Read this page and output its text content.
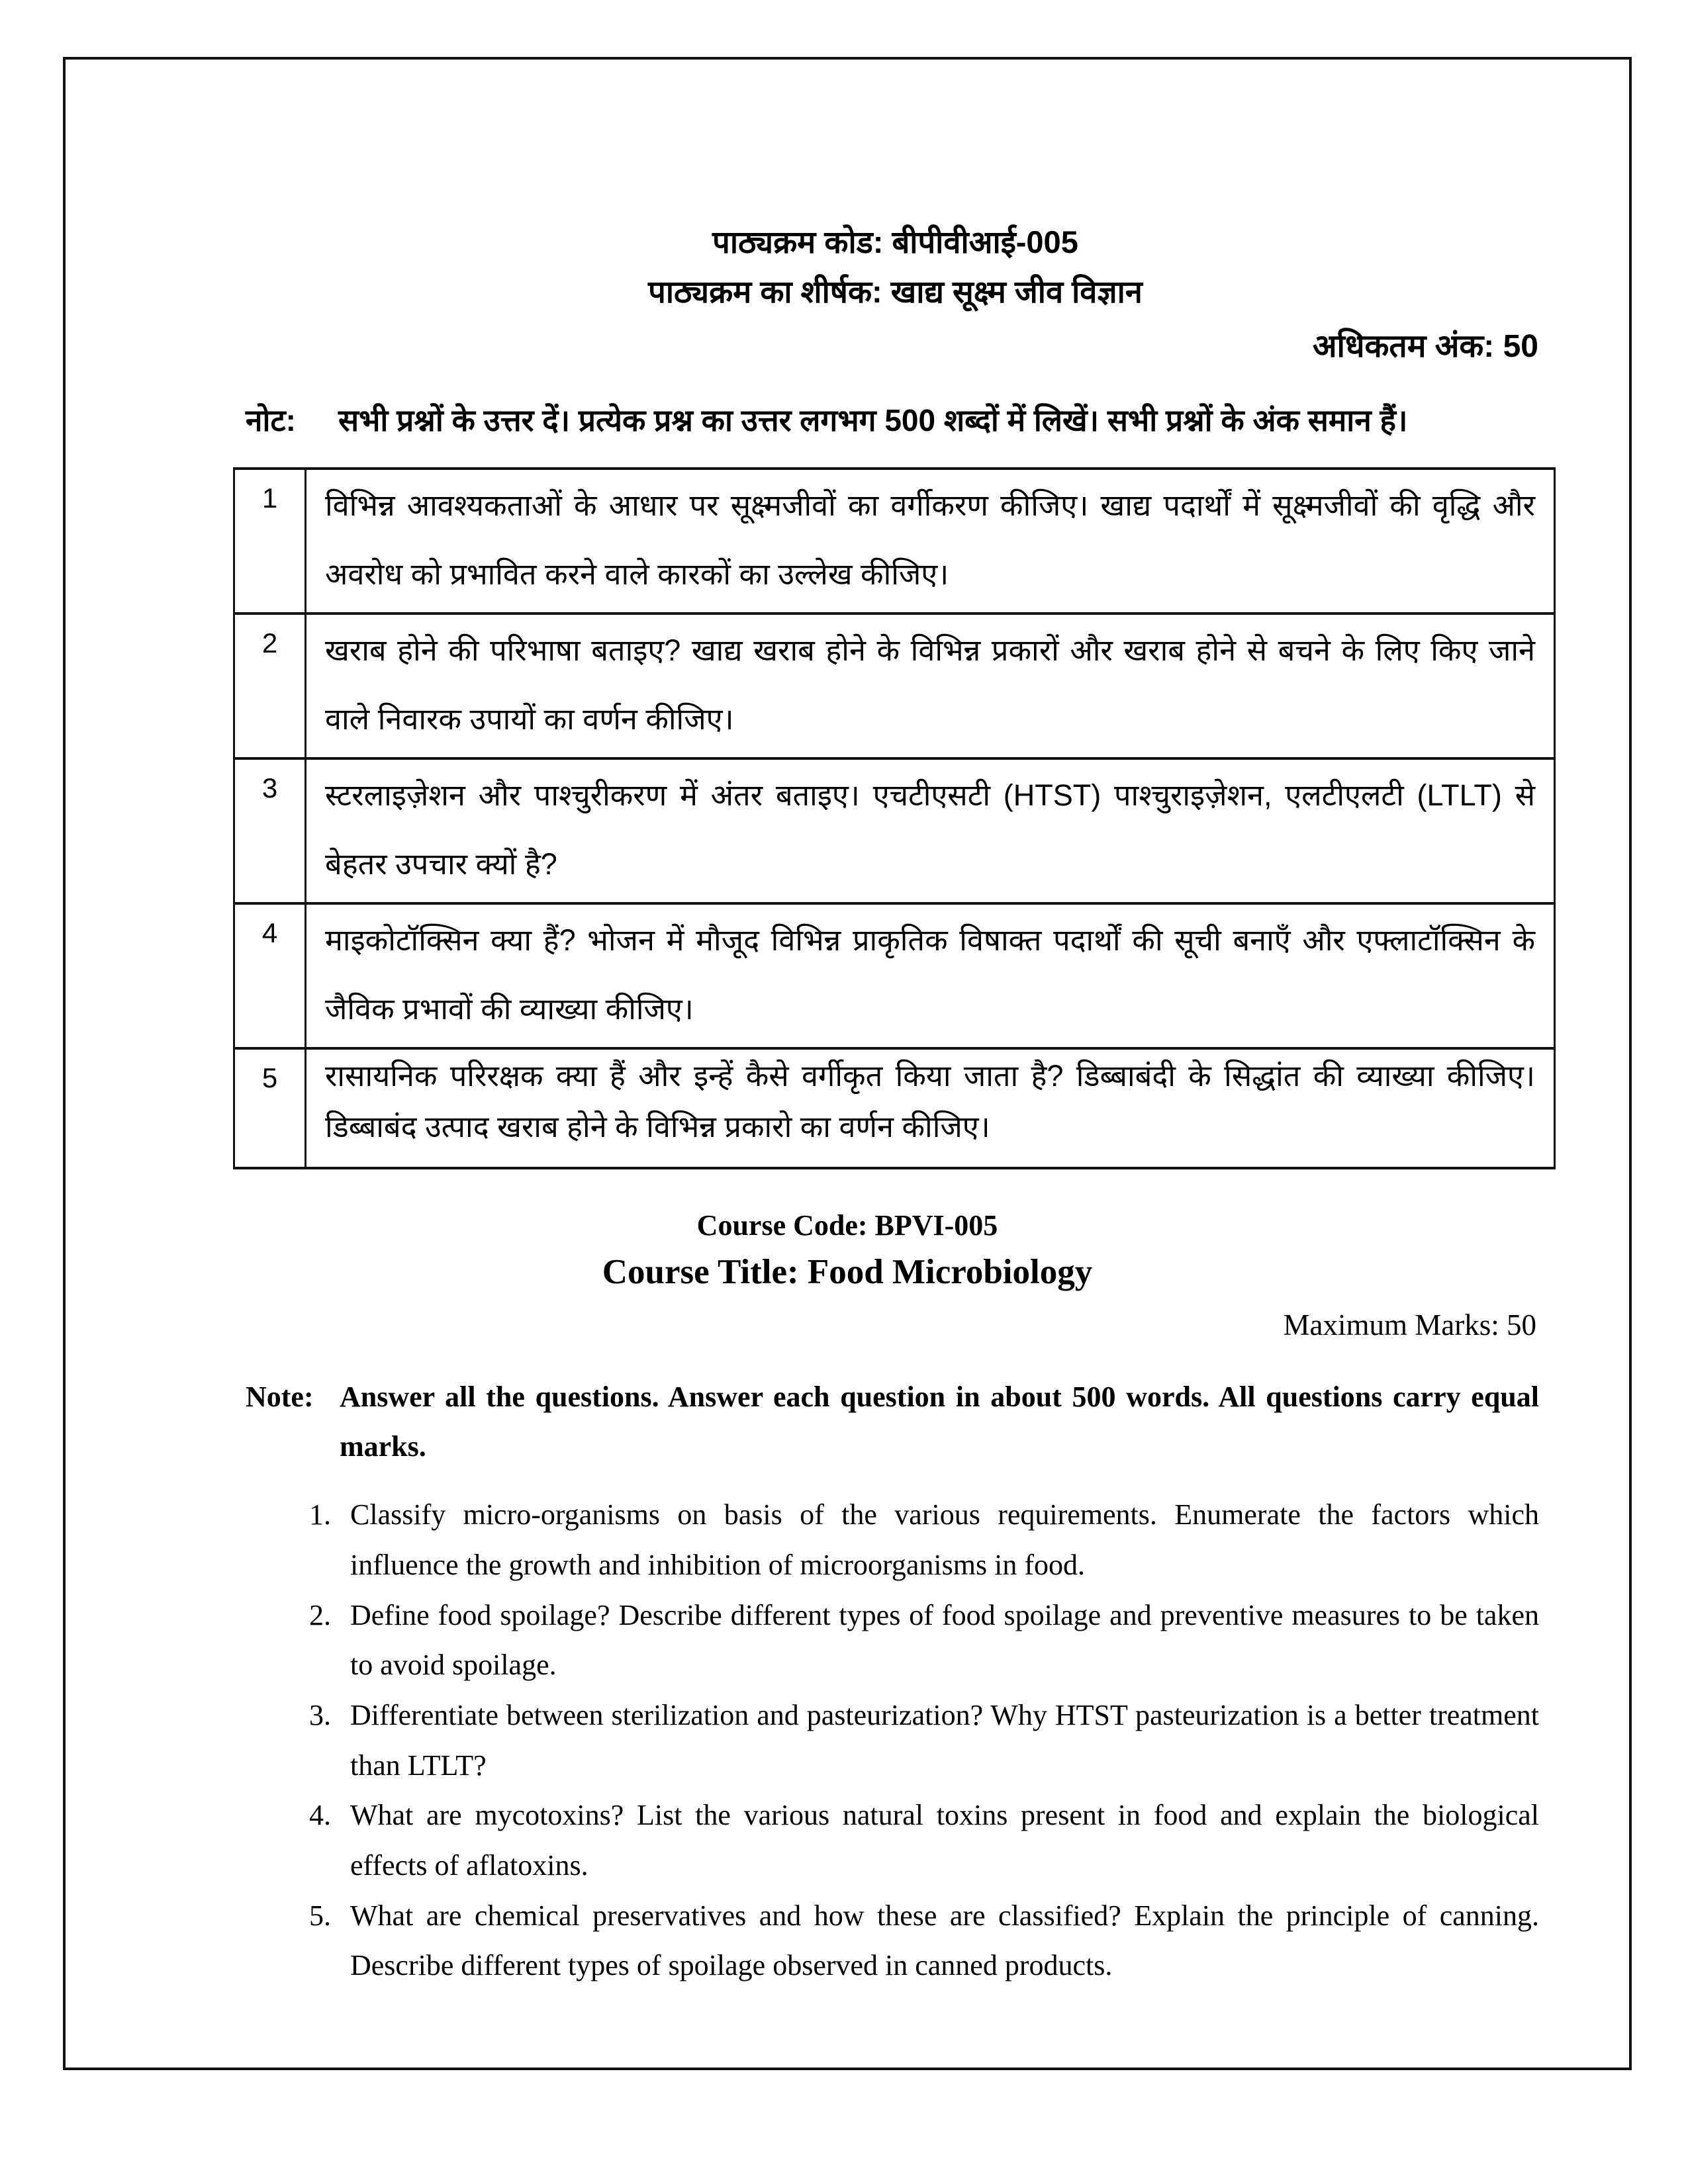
पाठ्यक्रम कोड: बीपीवीआई-005
पाठ्यक्रम का शीर्षक: खाद्य सूक्ष्म जीव विज्ञान
अधिकतम अंक: 50
नोट: सभी प्रश्नों के उत्तर दें। प्रत्येक प्रश्न का उत्तर लगभग 500 शब्दों में लिखें। सभी प्रश्नों के अंक समान हैं।
1	विभिन्न आवश्यकताओं के आधार पर सूक्ष्मजीवों का वर्गीकरण कीजिए। खाद्य पदार्थों में सूक्ष्मजीवों की वृद्धि और अवरोध को प्रभावित करने वाले कारकों का उल्लेख कीजिए।
2	खराब होने की परिभाषा बताइए? खाद्य खराब होने के विभिन्न प्रकारों और खराब होने से बचने के लिए किए जाने वाले निवारक उपायों का वर्णन कीजिए।
3	स्टरलाइज़ेशन और पाश्चुरीकरण में अंतर बताइए। एचटीएसटी (HTST) पाश्चुराइज़ेशन, एलटीएलटी (LTLT) से बेहतर उपचार क्यों है?
4	माइकोटॉक्सिन क्या हैं? भोजन में मौजूद विभिन्न प्राकृतिक विषाक्त पदार्थों की सूची बनाएँ और एफ्लाटॉक्सिन के जैविक प्रभावों की व्याख्या कीजिए।
5	रासायनिक परिरक्षक क्या हैं और इन्हें कैसे वर्गीकृत किया जाता है? डिब्बाबंदी के सिद्धांत की व्याख्या कीजिए। डिब्बाबंद उत्पाद खराब होने के विभिन्न प्रकारो का वर्णन कीजिए।
Course Code: BPVI-005
Course Title: Food Microbiology
Maximum Marks: 50
Note: Answer all the questions. Answer each question in about 500 words. All questions carry equal marks.
1. Classify micro-organisms on basis of the various requirements. Enumerate the factors which influence the growth and inhibition of microorganisms in food.
2. Define food spoilage? Describe different types of food spoilage and preventive measures to be taken to avoid spoilage.
3. Differentiate between sterilization and pasteurization? Why HTST pasteurization is a better treatment than LTLT?
4. What are mycotoxins? List the various natural toxins present in food and explain the biological effects of aflatoxins.
5. What are chemical preservatives and how these are classified? Explain the principle of canning. Describe different types of spoilage observed in canned products.
